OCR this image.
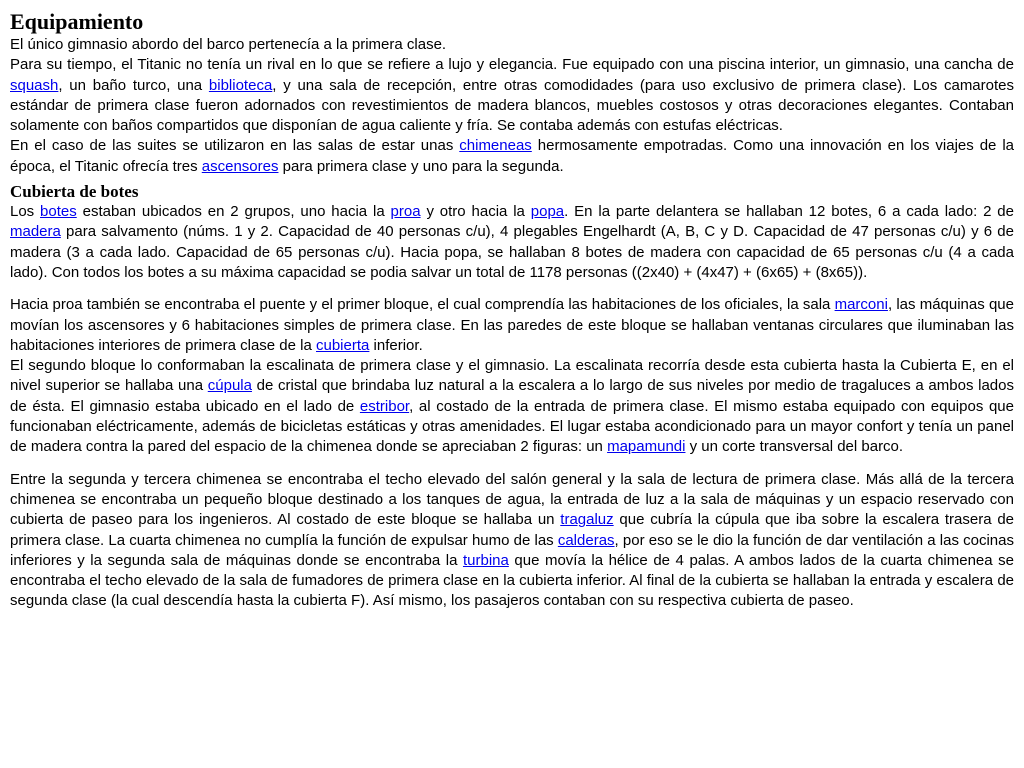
Equipamiento

El único gimnasio abordo del barco pertenecía a la primera clase.

Para su tiempo, el Titanic no tenía un rival en lo que se refiere a lujo y elegancia. Fue equipado con una piscina interior, un gimnasio, una cancha de squash, un baño turco, una biblioteca, y una sala de recepción, entre otras comodidades (para uso exclusivo de primera clase). Los camarotes estándar de primera clase fueron adornados con revestimientos de madera blancos, muebles costosos y otras decoraciones elegantes. Contaban solamente con baños compartidos que disponían de agua caliente y fría. Se contaba además con estufas eléctricas.

En el caso de las suites se utilizaron en las salas de estar unas chimeneas hermosamente empotradas. Como una innovación en los viajes de la época, el Titanic ofrecía tres ascensores para primera clase y uno para la segunda.

Cubierta de botes

Los botes estaban ubicados en 2 grupos, uno hacia la proa y otro hacia la popa. En la parte delantera se hallaban 12 botes, 6 a cada lado: 2 de madera para salvamento (núms. 1 y 2. Capacidad de 40 personas c/u), 4 plegables Engelhardt (A, B, C y D. Capacidad de 47 personas c/u) y 6 de madera (3 a cada lado. Capacidad de 65 personas c/u). Hacia popa, se hallaban 8 botes de madera con capacidad de 65 personas c/u (4 a cada lado). Con todos los botes a su máxima capacidad se podia salvar un total de 1178 personas ((2x40) + (4x47) + (6x65) + (8x65)).

Hacia proa también se encontraba el puente y el primer bloque, el cual comprendía las habitaciones de los oficiales, la sala marconi, las máquinas que movían los ascensores y 6 habitaciones simples de primera clase. En las paredes de este bloque se hallaban ventanas circulares que iluminaban las habitaciones interiores de primera clase de la cubierta inferior.

El segundo bloque lo conformaban la escalinata de primera clase y el gimnasio. La escalinata recorría desde esta cubierta hasta la Cubierta E, en el nivel superior se hallaba una cúpula de cristal que brindaba luz natural a la escalera a lo largo de sus niveles por medio de tragaluces a ambos lados de ésta. El gimnasio estaba ubicado en el lado de estribor, al costado de la entrada de primera clase. El mismo estaba equipado con equipos que funcionaban eléctricamente, además de bicicletas estáticas y otras amenidades. El lugar estaba acondicionado para un mayor confort y tenía un panel de madera contra la pared del espacio de la chimenea donde se apreciaban 2 figuras: un mapamundi y un corte transversal del barco.

Entre la segunda y tercera chimenea se encontraba el techo elevado del salón general y la sala de lectura de primera clase. Más allá de la tercera chimenea se encontraba un pequeño bloque destinado a los tanques de agua, la entrada de luz a la sala de máquinas y un espacio reservado con cubierta de paseo para los ingenieros. Al costado de este bloque se hallaba un tragaluz que cubría la cúpula que iba sobre la escalera trasera de primera clase. La cuarta chimenea no cumplía la función de expulsar humo de las calderas, por eso se le dio la función de dar ventilación a las cocinas inferiores y la segunda sala de máquinas donde se encontraba la turbina que movía la hélice de 4 palas. A ambos lados de la cuarta chimenea se encontraba el techo elevado de la sala de fumadores de primera clase en la cubierta inferior. Al final de la cubierta se hallaban la entrada y escalera de segunda clase (la cual descendía hasta la cubierta F). Así mismo, los pasajeros contaban con su respectiva cubierta de paseo.
